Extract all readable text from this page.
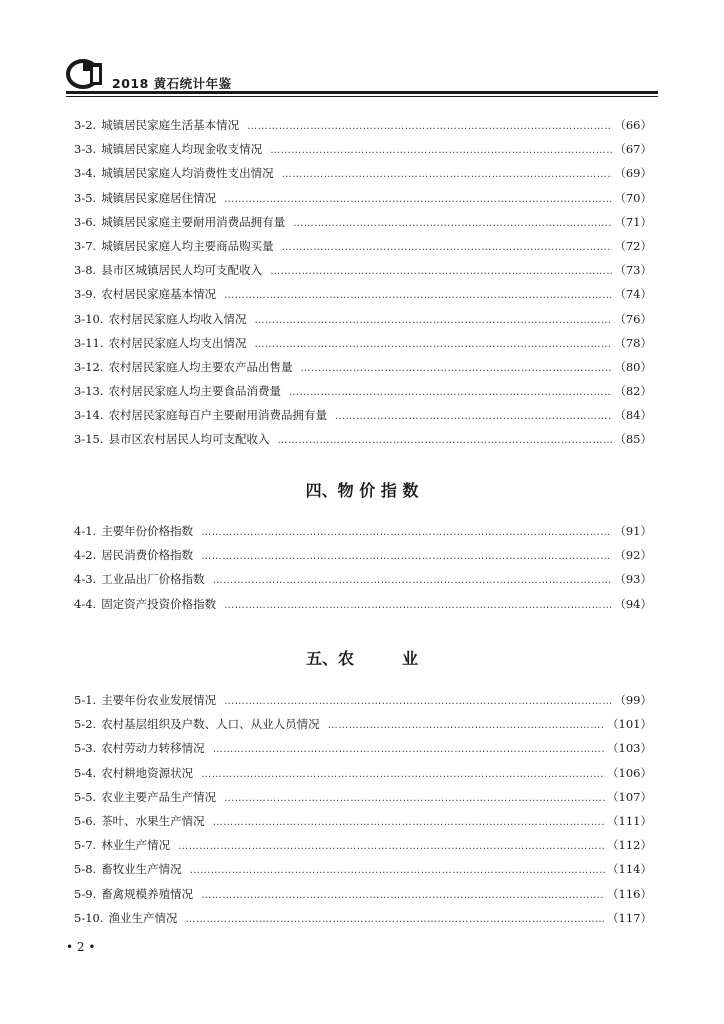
2018 黄石统计年鉴
3-2. 城镇居民家庭生活基本情况 …………………………………………………………………………………………………………………………………………………………………………………………	（66）
3-3. 城镇居民家庭人均现金收支情况 …………………………………………………………………………………………………………………………………………………………………………………………	（67）
3-4. 城镇居民家庭人均消费性支出情况 …………………………………………………………………………………………………………………………………………………………………………………………	（69）
3-5. 城镇居民家庭居住情况 …………………………………………………………………………………………………………………………………………………………………………………………	（70）
3-6. 城镇居民家庭主要耐用消费品拥有量 …………………………………………………………………………………………………………………………………………………………………………………………	（71）
3-7. 城镇居民家庭人均主要商品购买量 …………………………………………………………………………………………………………………………………………………………………………………………	（72）
3-8. 县市区城镇居民人均可支配收入 …………………………………………………………………………………………………………………………………………………………………………………………	（73）
3-9. 农村居民家庭基本情况 …………………………………………………………………………………………………………………………………………………………………………………………	（74）
3-10. 农村居民家庭人均收入情况 …………………………………………………………………………………………………………………………………………………………………………………………	（76）
3-11. 农村居民家庭人均支出情况 …………………………………………………………………………………………………………………………………………………………………………………………	（78）
3-12. 农村居民家庭人均主要农产品出售量 …………………………………………………………………………………………………………………………………………………………………………………………	（80）
3-13. 农村居民家庭人均主要食品消费量 …………………………………………………………………………………………………………………………………………………………………………………………	（82）
3-14. 农村居民家庭每百户主要耐用消费品拥有量 …………………………………………………………………………………………………………………………………………………………………………………………	（84）
3-15. 县市区农村居民人均可支配收入 …………………………………………………………………………………………………………………………………………………………………………………………	（85）
四、物 价 指 数
4-1. 主要年份价格指数 …………………………………………………………………………………………………………………………………………………………………………………………	（91）
4-2. 居民消费价格指数 …………………………………………………………………………………………………………………………………………………………………………………………	（92）
4-3. 工业品出厂价格指数 …………………………………………………………………………………………………………………………………………………………………………………………	（93）
4-4. 固定资产投资价格指数 …………………………………………………………………………………………………………………………………………………………………………………………	（94）
五、农　　　业
5-1. 主要年份农业发展情况 …………………………………………………………………………………………………………………………………………………………………………………………	（99）
5-2. 农村基层组织及户数、人口、从业人员情况 …………………………………………………………………………………………………………………………………………………………………………………………	（101）
5-3. 农村劳动力转移情况 …………………………………………………………………………………………………………………………………………………………………………………………	（103）
5-4. 农村耕地资源状况 …………………………………………………………………………………………………………………………………………………………………………………………	（106）
5-5. 农业主要产品生产情况 …………………………………………………………………………………………………………………………………………………………………………………………	（107）
5-6. 茶叶、水果生产情况 …………………………………………………………………………………………………………………………………………………………………………………………	（111）
5-7. 林业生产情况 …………………………………………………………………………………………………………………………………………………………………………………………	（112）
5-8. 畜牧业生产情况 …………………………………………………………………………………………………………………………………………………………………………………………	（114）
5-9. 畜禽规模养殖情况 …………………………………………………………………………………………………………………………………………………………………………………………	（116）
5-10. 渔业生产情况 …………………………………………………………………………………………………………………………………………………………………………………………	（117）
• 2 •
